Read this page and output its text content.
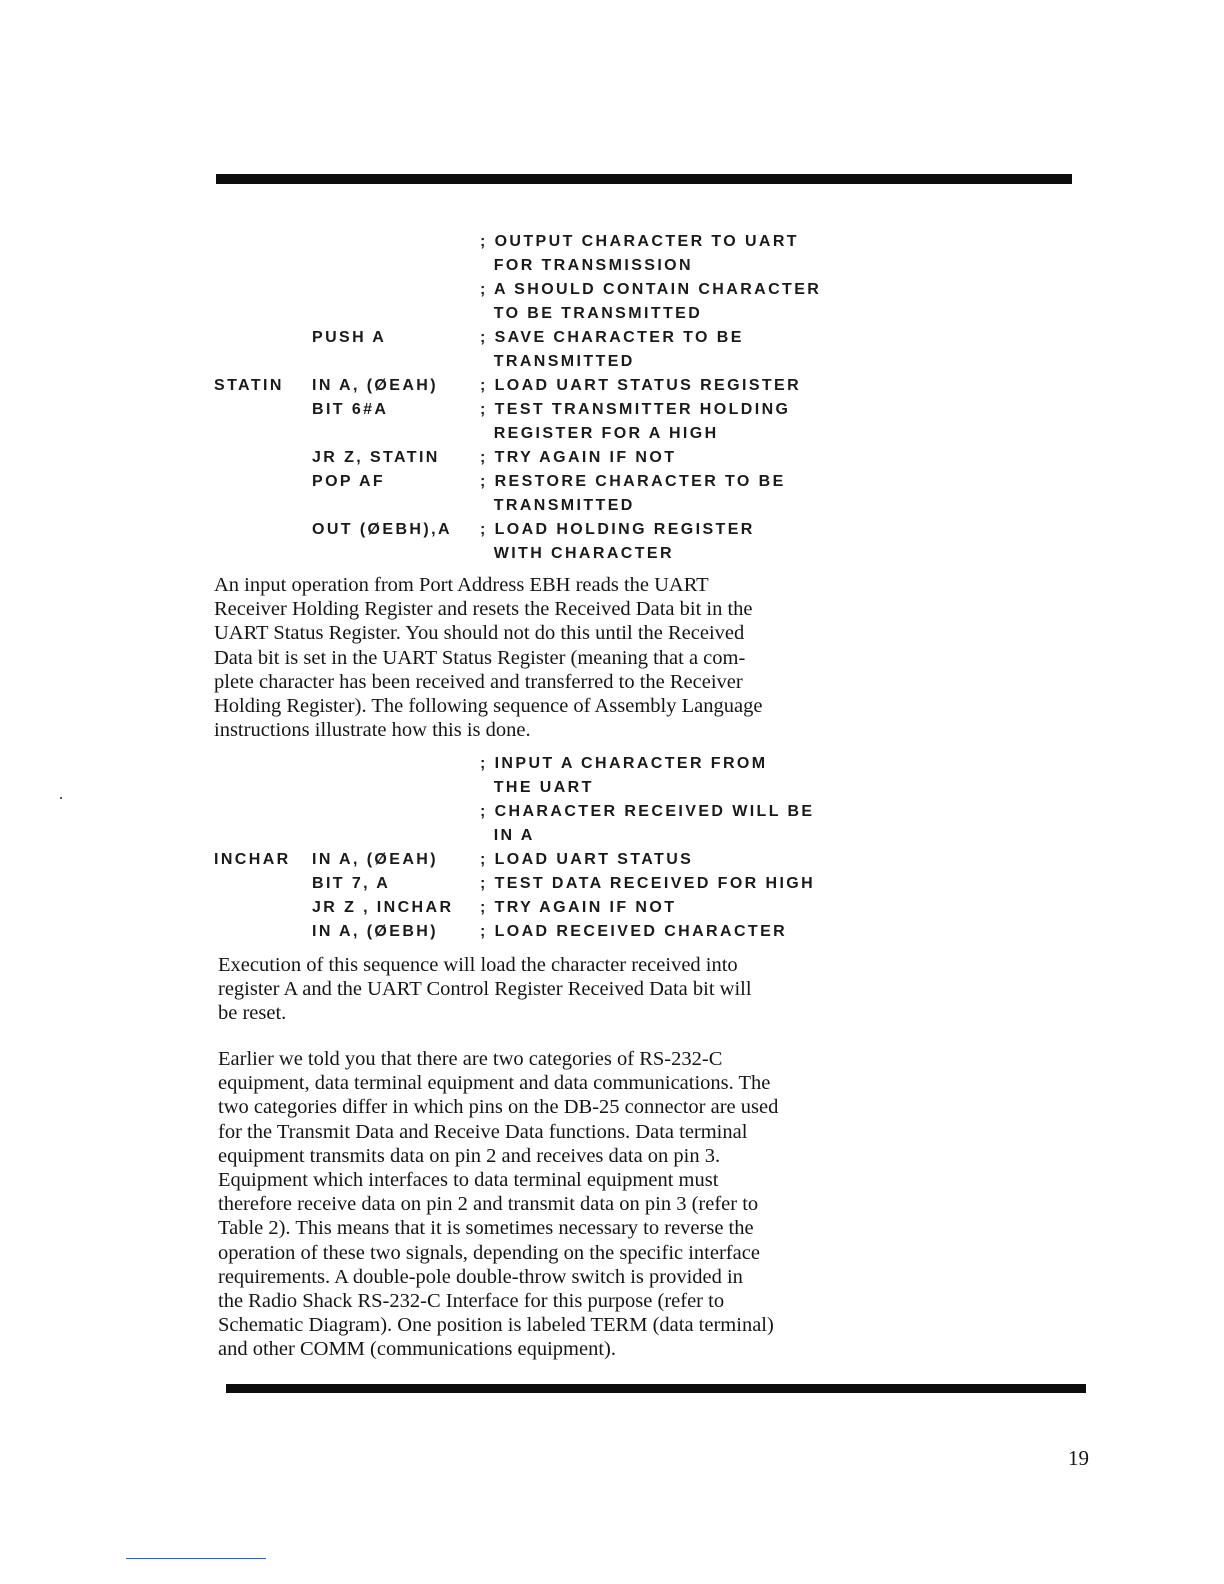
; OUTPUT CHARACTER TO UART
FOR TRANSMISSION
; A SHOULD CONTAIN CHARACTER
TO BE TRANSMITTED
PUSH A	; SAVE CHARACTER TO BE
TRANSMITTED
STATIN IN A, (ØEAH)	; LOAD UART STATUS REGISTER
BIT 6#A	; TEST TRANSMITTER HOLDING
REGISTER FOR A HIGH
JR Z, STATIN	; TRY AGAIN IF NOT
POP AF	; RESTORE CHARACTER TO BE
TRANSMITTED
OUT (ØEBH),A ; LOAD HOLDING REGISTER
WITH CHARACTER
An input operation from Port Address EBH reads the UART
Receiver Holding Register and resets the Received Data bit in the
UART Status Register. You should not do this until the Received
Data bit is set in the UART Status Register (meaning that a com-
plete character has been received and transferred to the Receiver
Holding Register). The following sequence of Assembly Language
instructions illustrate how this is done.
; INPUT A CHARACTER FROM
THE UART
; CHARACTER RECEIVED WILL BE
IN A
INCHAR IN A, (ØEAH)	; LOAD UART STATUS
BIT 7, A	; TEST DATA RECEIVED FOR HIGH
JR Z , INCHAR ; TRY AGAIN IF NOT
IN A, (ØEBH)	; LOAD RECEIVED CHARACTER
Execution of this sequence will load the character received into
register A and the UART Control Register Received Data bit will
be reset.
Earlier we told you that there are two categories of RS-232-C
equipment, data terminal equipment and data communications. The
two categories differ in which pins on the DB-25 connector are used
for the Transmit Data and Receive Data functions. Data terminal
equipment transmits data on pin 2 and receives data on pin 3.
Equipment which interfaces to data terminal equipment must
therefore receive data on pin 2 and transmit data on pin 3 (refer to
Table 2). This means that it is sometimes necessary to reverse the
operation of these two signals, depending on the specific interface
requirements. A double-pole double-throw switch is provided in
the Radio Shack RS-232-C Interface for this purpose (refer to
Schematic Diagram). One position is labeled TERM (data terminal)
and other COMM (communications equipment).
19
